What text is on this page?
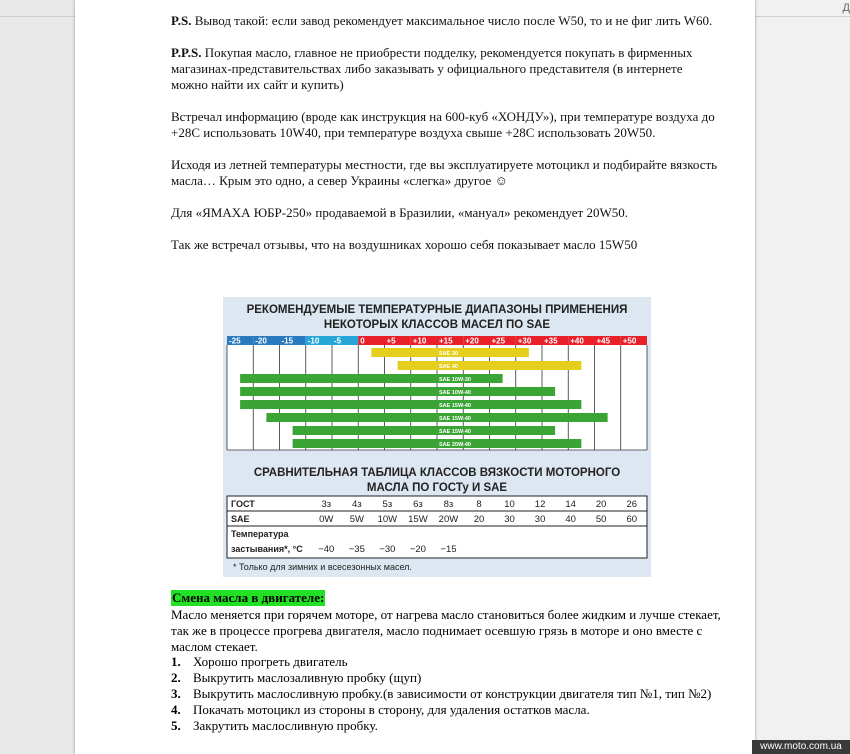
Д

P.S. Вывод такой: если завод рекомендует максимальное число после W50, то и не фиг лить W60.

P.P.S. Покупая масло, главное не приобрести подделку, рекомендуется покупать в фирменных магазинах-представительствах либо заказывать у официального представителя (в интернете можно найти их сайт и купить)

Встречал информацию (вроде как инструкция на 600-куб «ХОНДУ»), при температуре воздуха до +28С использовать 10W40, при температуре воздуха свыше +28С использовать 20W50.

Исходя из летней температуры местности, где вы эксплуатируете мотоцикл и подбирайте вязкость масла… Крым это одно, а север Украины «слегка» другое ☺

Для «ЯМАХА ЮБР-250» продаваемой в Бразилии, «мануал» рекомендует 20W50.

Так же встречал отзывы, что на воздушниках хорошо себя показывает масло 15W50

РЕКОМЕНДУЕМЫЕ ТЕМПЕРАТУРНЫЕ ДИАПАЗОНЫ ПРИМЕНЕНИЯ
НЕКОТОРЫХ КЛАССОВ МАСЕЛ ПО SAE
-25 -20 -15 -10 -5 0	+5 +10 +15 +20 +25 +30 +35 +40 +45 +50
SAE 30
SAE 40
SAE 10W-30
SAE 10W-40
SAE 15W-40
SAE 15W-40
SAE 15W-40
SAE 20W-40
СРАВНИТЕЛЬНАЯ ТАБЛИЦА КЛАССОВ ВЯЗКОСТИ МОТОРНОГО
МАСЛА ПО ГОСТу И SAE
ГОСТ	3з 4з 5з 6з 8з 8 10 12 14 20 26
SAE	0W 5W 10W 15W 20W 20 30 30 40 50 60
Температура
застывания*, °С −40 −35 −30 −20 −15
* Только для зимних и всесезонных масел.
Смена масла в двигателе:
Масло меняется при горячем моторе, от нагрева масло становиться более жидким и лучше стекает, так же в процессе прогрева двигателя, масло поднимает осевшую грязь в моторе и оно вместе с маслом стекает.
1. Хорошо прогреть двигатель
2. Выкрутить маслозаливную пробку (щуп)
3. Выкрутить маслосливную пробку.(в зависимости от конструкции двигателя тип №1, тип №2)
4. Покачать мотоцикл из стороны в сторону, для удаления остатков масла.
5. Закрутить маслосливную пробку.
www.moto.com.ua
